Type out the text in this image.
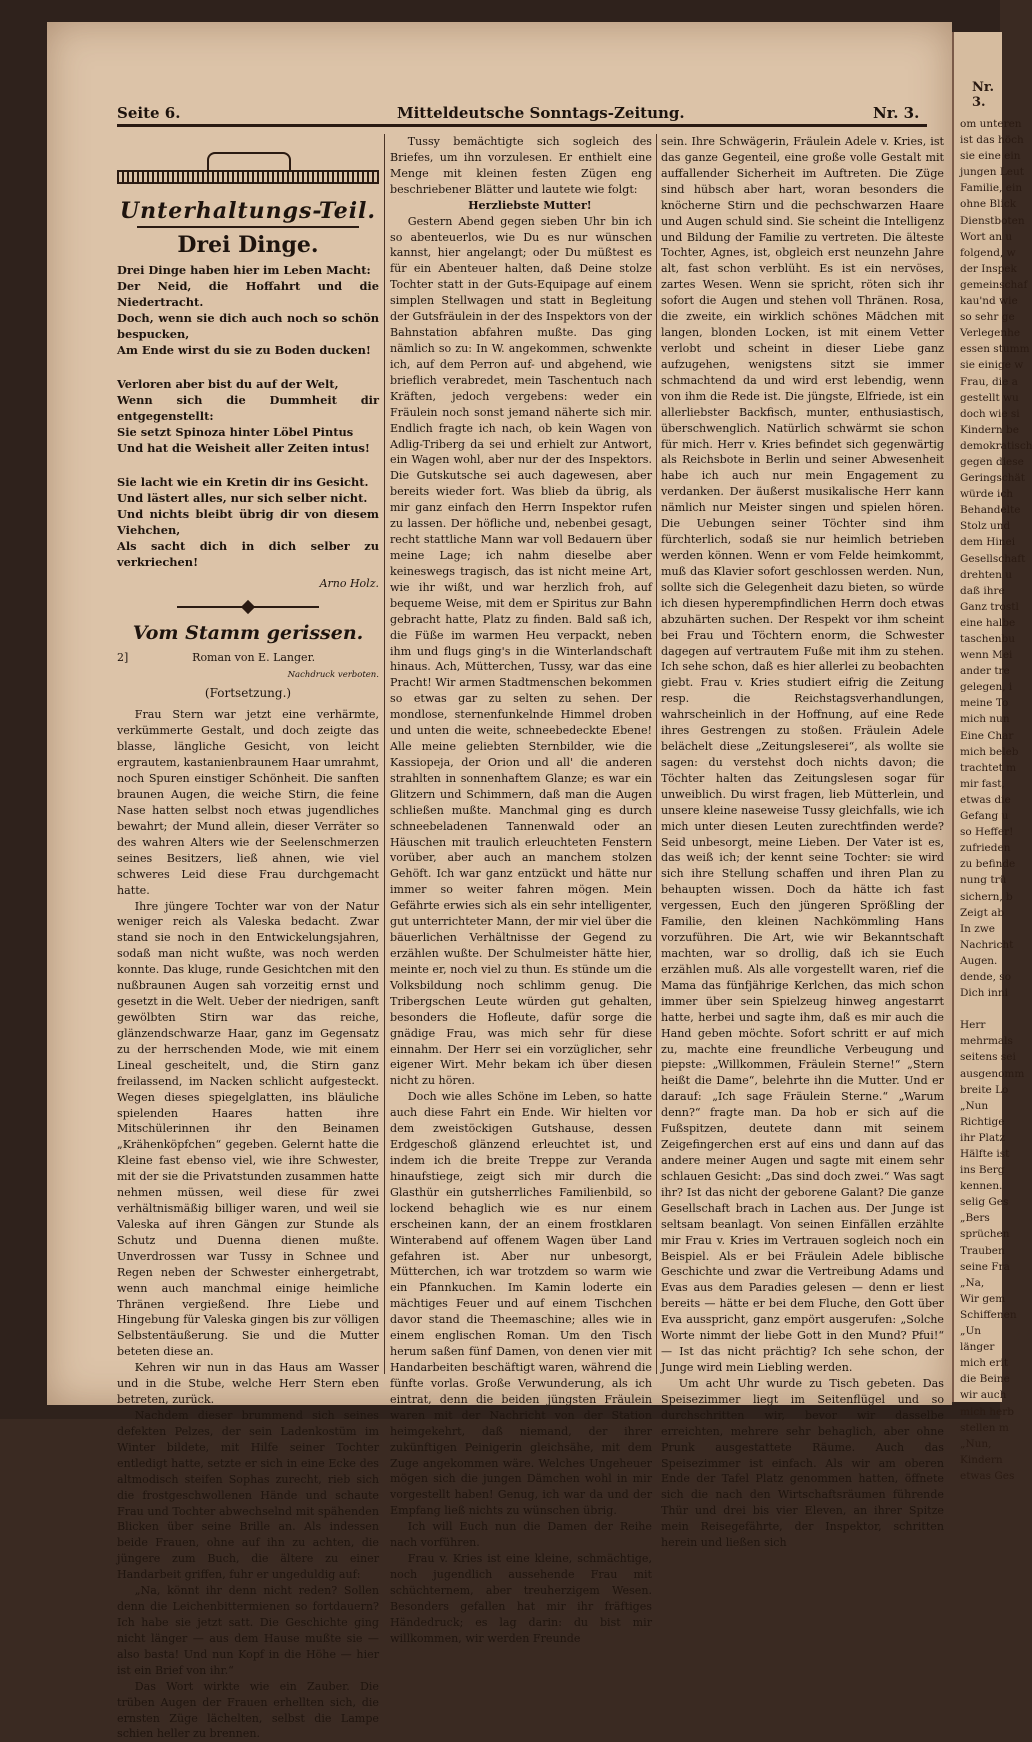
Seite 6.	Mitteldeutsche Sonntags-Zeitung.	Nr. 3.
Unterhaltungs-Teil.
Drei Dinge.
Drei Dinge haben hier im Leben Macht:
Der Neid, die Hoffahrt und die Niedertracht.
Doch, wenn sie dich auch noch so schön bespucken,
Am Ende wirst du sie zu Boden ducken!
Verloren aber bist du auf der Welt,
Wenn sich die Dummheit dir entgegenstellt:
Sie setzt Spinoza hinter Löbel Pintus
Und hat die Weisheit aller Zeiten intus!
Sie lacht wie ein Kretin dir ins Gesicht.
Und lästert alles, nur sich selber nicht.
Und nichts bleibt übrig dir von diesem Viehchen,
Als sacht dich in dich selber zu verkriechen!
Arno Holz.
Vom Stamm gerissen.
2]	Roman von E. Langer.
Nachdruck verboten.
(Fortsetzung.)

Frau Stern war jetzt eine verhärmte, verkümmerte Gestalt, und doch zeigte das blasse, längliche Gesicht, von leicht ergrautem, kastanienbraunem Haar umrahmt, noch Spuren einstiger Schönheit. Die sanften braunen Augen, die weiche Stirn, die feine Nase hatten selbst noch etwas jugendliches bewahrt; der Mund allein, dieser Verräter so des wahren Alters wie der Seelenschmerzen seines Besitzers, ließ ahnen, wie viel schweres Leid diese Frau durchgemacht hatte.

Ihre jüngere Tochter war von der Natur weniger reich als Valeska bedacht. Zwar stand sie noch in den Entwickelungsjahren, sodaß man nicht wußte, was noch werden konnte. Das kluge, runde Gesichtchen mit den nußbraunen Augen sah vorzeitig ernst und gesetzt in die Welt. Ueber der niedrigen, sanft gewölbten Stirn war das reiche, glänzendschwarze Haar, ganz im Gegensatz zu der herrschenden Mode, wie mit einem Lineal gescheitelt, und, die Stirn ganz freilassend, im Nacken schlicht aufgesteckt. Wegen dieses spiegelglatten, ins bläuliche spielenden Haares hatten ihre Mitschülerinnen ihr den Beinamen „Krähenköpfchen“ gegeben. Gelernt hatte die Kleine fast ebenso viel, wie ihre Schwester, mit der sie die Privatstunden zusammen hatte nehmen müssen, weil diese für zwei verhältnismäßig billiger waren, und weil sie Valeska auf ihren Gängen zur Stunde als Schutz und Duenna dienen mußte. Unverdrossen war Tussy in Schnee und Regen neben der Schwester einhergetrabt, wenn auch manchmal einige heimliche Thränen vergießend. Ihre Liebe und Hingebung für Valeska gingen bis zur völligen Selbstentäußerung. Sie und die Mutter beteten diese an.

Kehren wir nun in das Haus am Wasser und in die Stube, welche Herr Stern eben betreten, zurück.

Nachdem dieser brummend sich seines defekten Pelzes, der sein Ladenkostüm im Winter bildete, mit Hilfe seiner Tochter entledigt hatte, setzte er sich in eine Ecke des altmodisch steifen Sophas zurecht, rieb sich die frostgeschwollenen Hände und schaute Frau und Tochter abwechselnd mit spähenden Blicken über seine Brille an. Als indessen beide Frauen, ohne auf ihn zu achten, die jüngere zum Buch, die ältere zu einer Handarbeit griffen, fuhr er ungeduldig auf:

„Na, könnt ihr denn nicht reden? Sollen denn die Leichenbittermienen so fortdauern? Ich habe sie jetzt satt. Die Geschichte ging nicht länger — aus dem Hause mußte sie — also basta! Und nun Kopf in die Höhe — hier ist ein Brief von ihr.“

Das Wort wirkte wie ein Zauber. Die trüben Augen der Frauen erhellten sich, die ernsten Züge lächelten, selbst die Lampe schien heller zu brennen.

Tussy bemächtigte sich sogleich des Briefes, um ihn vorzulesen. Er enthielt eine Menge mit kleinen festen Zügen eng beschriebener Blätter und lautete wie folgt:

Herzliebste Mutter!

Gestern Abend gegen sieben Uhr bin ich so abenteuerlos, wie Du es nur wünschen kannst, hier angelangt; oder Du müßtest es für ein Abenteuer halten, daß Deine stolze Tochter statt in der Guts-Equipage auf einem simplen Stellwagen und statt in Begleitung der Gutsfräulein in der des Inspektors von der Bahnstation abfahren mußte. Das ging nämlich so zu: In W. angekommen, schwenkte ich, auf dem Perron auf- und abgehend, wie brieflich verabredet, mein Taschentuch nach Kräften, jedoch vergebens: weder ein Fräulein noch sonst jemand näherte sich mir. Endlich fragte ich nach, ob kein Wagen von Adlig-Triberg da sei und erhielt zur Antwort, ein Wagen wohl, aber nur der des Inspektors. Die Gutskutsche sei auch dagewesen, aber bereits wieder fort. Was blieb da übrig, als mir ganz einfach den Herrn Inspektor rufen zu lassen. Der höfliche und, nebenbei gesagt, recht stattliche Mann war voll Bedauern über meine Lage; ich nahm dieselbe aber keineswegs tragisch, das ist nicht meine Art, wie ihr wißt, und war herzlich froh, auf bequeme Weise, mit dem er Spiritus zur Bahn gebracht hatte, Platz zu finden. Bald saß ich, die Füße im warmen Heu verpackt, neben ihm und flugs ging's in die Winterlandschaft hinaus. Ach, Mütterchen, Tussy, war das eine Pracht! Wir armen Stadtmenschen bekommen so etwas gar zu selten zu sehen. Der mondlose, sternenfunkelnde Himmel droben und unten die weite, schneebedeckte Ebene! Alle meine geliebten Sternbilder, wie die Kassiopeja, der Orion und all' die anderen strahlten in sonnenhaftem Glanze; es war ein Glitzern und Schimmern, daß man die Augen schließen mußte. Manchmal ging es durch schneebeladenen Tannenwald oder an Häuschen mit traulich erleuchteten Fenstern vorüber, aber auch an manchem stolzen Gehöft. Ich war ganz entzückt und hätte nur immer so weiter fahren mögen. Mein Gefährte erwies sich als ein sehr intelligenter, gut unterrichteter Mann, der mir viel über die bäuerlichen Verhältnisse der Gegend zu erzählen wußte. Der Schulmeister hätte hier, meinte er, noch viel zu thun. Es stünde um die Volksbildung noch schlimm genug. Die Tribergschen Leute würden gut gehalten, besonders die Hofleute, dafür sorge die gnädige Frau, was mich sehr für diese einnahm. Der Herr sei ein vorzüglicher, sehr eigener Wirt. Mehr bekam ich über diesen nicht zu hören.

Doch wie alles Schöne im Leben, so hatte auch diese Fahrt ein Ende. Wir hielten vor dem zweistöckigen Gutshause, dessen Erdgeschoß glänzend erleuchtet ist, und indem ich die breite Treppe zur Veranda hinaufstiege, zeigt sich mir durch die Glasthür ein gutsherrliches Familienbild, so lockend behaglich wie es nur einem erscheinen kann, der an einem frostklaren Winterabend auf offenem Wagen über Land gefahren ist. Aber nur unbesorgt, Mütterchen, ich war trotzdem so warm wie ein Pfannkuchen. Im Kamin loderte ein mächtiges Feuer und auf einem Tischchen davor stand die Theemaschine; alles wie in einem englischen Roman. Um den Tisch herum saßen fünf Damen, von denen vier mit Handarbeiten beschäftigt waren, während die fünfte vorlas. Große Verwunderung, als ich eintrat, denn die beiden jüngsten Fräulein waren mit der Nachricht von der Station heimgekehrt, daß niemand, der ihrer zukünftigen Peinigerin gleichsähe, mit dem Zuge angekommen wäre. Welches Ungeheuer mögen sich die jungen Dämchen wohl in mir vorgestellt haben! Genug, ich war da und der Empfang ließ nichts zu wünschen übrig.

Ich will Euch nun die Damen der Reihe nach vorführen.

Frau v. Kries ist eine kleine, schmächtige, noch jugendlich aussehende Frau mit schüchternem, aber treuherzigem Wesen. Besonders gefallen hat mir ihr fräftiges Händedruck; es lag darin: du bist mir willkommen, wir werden Freunde

sein. Ihre Schwägerin, Fräulein Adele v. Kries, ist das ganze Gegenteil, eine große volle Gestalt mit auffallender Sicherheit im Auftreten. Die Züge sind hübsch aber hart, woran besonders die knöcherne Stirn und die pechschwarzen Haare und Augen schuld sind. Sie scheint die Intelligenz und Bildung der Familie zu vertreten. Die älteste Tochter, Agnes, ist, obgleich erst neunzehn Jahre alt, fast schon verblüht. Es ist ein nervöses, zartes Wesen. Wenn sie spricht, röten sich ihr sofort die Augen und stehen voll Thränen. Rosa, die zweite, ein wirklich schönes Mädchen mit langen, blonden Locken, ist mit einem Vetter verlobt und scheint in dieser Liebe ganz aufzugehen, wenigstens sitzt sie immer schmachtend da und wird erst lebendig, wenn von ihm die Rede ist. Die jüngste, Elfriede, ist ein allerliebster Backfisch, munter, enthusiastisch, überschwenglich. Natürlich schwärmt sie schon für mich. Herr v. Kries befindet sich gegenwärtig als Reichsbote in Berlin und seiner Abwesenheit habe ich auch nur mein Engagement zu verdanken. Der äußerst musikalische Herr kann nämlich nur Meister singen und spielen hören. Die Uebungen seiner Töchter sind ihm fürchterlich, sodaß sie nur heimlich betrieben werden können. Wenn er vom Felde heimkommt, muß das Klavier sofort geschlossen werden. Nun, sollte sich die Gelegenheit dazu bieten, so würde ich diesen hyperempfindlichen Herrn doch etwas abzuhärten suchen. Der Respekt vor ihm scheint bei Frau und Töchtern enorm, die Schwester dagegen auf vertrautem Fuße mit ihm zu stehen. Ich sehe schon, daß es hier allerlei zu beobachten giebt. Frau v. Kries studiert eifrig die Zeitung resp. die Reichstagsverhandlungen, wahrscheinlich in der Hoffnung, auf eine Rede ihres Gestrengen zu stoßen. Fräulein Adele belächelt diese „Zeitungsleserei“, als wollte sie sagen: du verstehst doch nichts davon; die Töchter halten das Zeitungslesen sogar für unweiblich. Du wirst fragen, lieb Mütterlein, und unsere kleine naseweise Tussy gleichfalls, wie ich mich unter diesen Leuten zurechtfinden werde? Seid unbesorgt, meine Lieben. Der Vater ist es, das weiß ich; der kennt seine Tochter: sie wird sich ihre Stellung schaffen und ihren Plan zu behaupten wissen. Doch da hätte ich fast vergessen, Euch den jüngeren Sprößling der Familie, den kleinen Nachkömmling Hans vorzuführen. Die Art, wie wir Bekanntschaft machten, war so drollig, daß ich sie Euch erzählen muß. Als alle vorgestellt waren, rief die Mama das fünfjährige Kerlchen, das mich schon immer über sein Spielzeug hinweg angestarrt hatte, herbei und sagte ihm, daß es mir auch die Hand geben möchte. Sofort schritt er auf mich zu, machte eine freundliche Verbeugung und piepste: „Willkommen, Fräulein Sterne!“ „Stern heißt die Dame“, belehrte ihn die Mutter. Und er darauf: „Ich sage Fräulein Sterne.“ „Warum denn?“ fragte man. Da hob er sich auf die Fußspitzen, deutete dann mit seinem Zeigefingerchen erst auf eins und dann auf das andere meiner Augen und sagte mit einem sehr schlauen Gesicht: „Das sind doch zwei.“ Was sagt ihr? Ist das nicht der geborene Galant? Die ganze Gesellschaft brach in Lachen aus. Der Junge ist seltsam beanlagt. Von seinen Einfällen erzählte mir Frau v. Kries im Vertrauen sogleich noch ein Beispiel. Als er bei Fräulein Adele biblische Geschichte und zwar die Vertreibung Adams und Evas aus dem Paradies gelesen — denn er liest bereits — hätte er bei dem Fluche, den Gott über Eva ausspricht, ganz empört ausgerufen: „Solche Worte nimmt der liebe Gott in den Mund? Pfui!“ — Ist das nicht prächtig? Ich sehe schon, der Junge wird mein Liebling werden.

Um acht Uhr wurde zu Tisch gebeten. Das Speisezimmer liegt im Seitenflügel und so durchschritten wir, bevor wir dasselbe erreichten, mehrere sehr behaglich, aber ohne Prunk ausgestattete Räume. Auch das Speisezimmer ist einfach. Als wir am oberen Ende der Tafel Platz genommen hatten, öffnete sich die nach den Wirtschaftsräumen führende Thür und drei bis vier Eleven, an ihrer Spitze mein Reisegefährte, der Inspektor, schritten herein und ließen sich

Nr. 3.
om unteren
ist das höch
sie eine ein
jungen Leut
Familie, ein
ohne Blick
Dienstboten
Wort an u
folgend, w
der Inspek
gemeinschaf
kau'nd wie
so sehr ge
Verlegenhe
essen stumm
sie einige w
Frau, die a
gestellt wu
doch wie si
Kindern be
demokratisch
gegen diese
Geringschät
würde ich
Behandelte
Stolz und
dem Hinei
Gesellschaft
drehten u
daß ihre
Ganz trostl
eine halbe
taschenbu
wenn Mei
ander tre
gelegen, i
meine To
mich nun
Eine Char
mich beleb
trachtet m
mir fast,
etwas die
Gefang u
so Heffer!
zufrieden
zu befinde
nung trü
sichern, b
Zeigt ab
In zwe
Nachricht
Augen.
dende, so
Dich inni

Herr
mehrmals
seitens sei
ausgenomm
breite Lo
„Nun
Richtige
ihr Platz
Hälfte ist
ins Berg
kennen.
selig Ges
„Bers
sprüchen
Trauben
seine Fra
„Na,
Wir gem
Schiffenen
„Un
länger
mich erit
die Beine
wir auch
mich herb
stellen m
„Nun,
Kindern
etwas Ges
